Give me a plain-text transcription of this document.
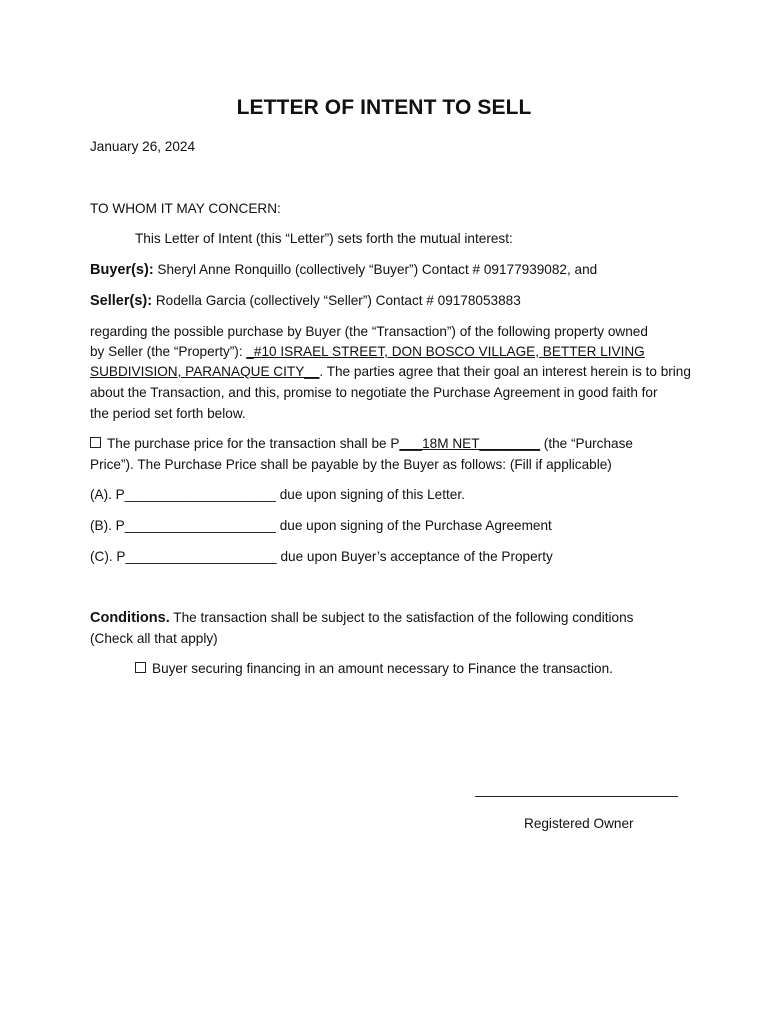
LETTER OF INTENT TO SELL
January 26, 2024
TO WHOM IT MAY CONCERN:
This Letter of Intent (this “Letter”) sets forth the mutual interest:
Buyer(s): Sheryl Anne Ronquillo (collectively “Buyer”) Contact # 09177939082, and
Seller(s): Rodella Garcia (collectively “Seller”) Contact # 09178053883
regarding the possible purchase by Buyer (the “Transaction”) of the following property owned
by Seller (the “Property”): _#10 ISRAEL STREET, DON BOSCO VILLAGE, BETTER LIVING
SUBDIVISION, PARANAQUE CITY__. The parties agree that their goal an interest herein is to bring
about the Transaction, and this, promise to negotiate the Purchase Agreement in good faith for
the period set forth below.
The purchase price for the transaction shall be P___18M NET________ (the “Purchase
Price”). The Purchase Price shall be payable by the Buyer as follows: (Fill if applicable)
(A). P____________________ due upon signing of this Letter.
(B). P____________________ due upon signing of the Purchase Agreement
(C). P____________________ due upon Buyer’s acceptance of the Property
Conditions. The transaction shall be subject to the satisfaction of the following conditions
(Check all that apply)
Buyer securing financing in an amount necessary to Finance the transaction.
Registered Owner
